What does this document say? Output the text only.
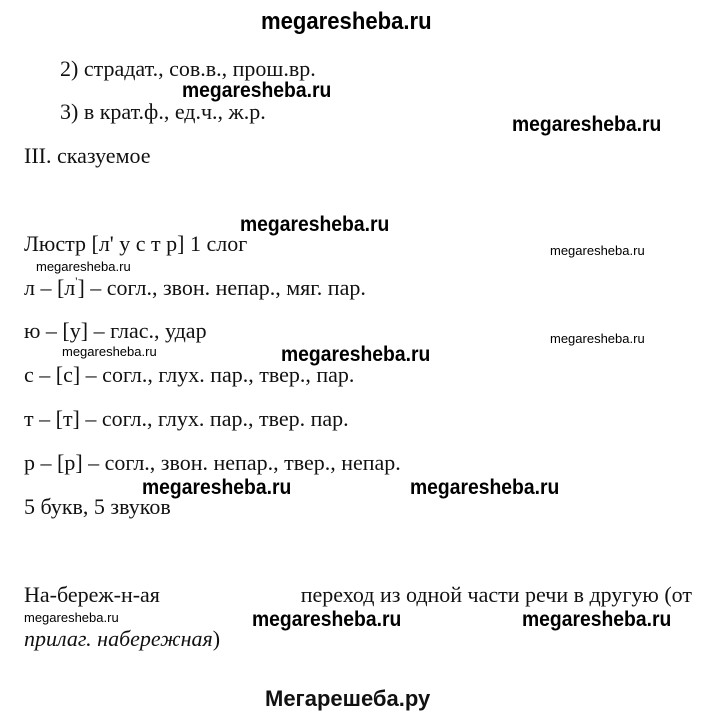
megaresheba.ru
2) страдат., сов.в., прош.вр.
3) в крат.ф., ед.ч., ж.р.
III. сказуемое
Люстр [л' у с т р] 1 слог
л – [л'] – согл., звон. непар., мяг. пар.
ю – [у] – глас., удар
с – [с] – согл., глух. пар., твер., пар.
т – [т] – согл., глух. пар., твер. пар.
р – [р] – согл., звон. непар., твер., непар.
5 букв, 5 звуков
На-береж-н-ая	переход из одной части речи в другую (от
прилаг. набережная)
megaresheba.ru
megaresheba.ru
megaresheba.ru
megaresheba.ru
megaresheba.ru	megaresheba.ru
megaresheba.ru	megaresheba.ru
megaresheba.ru
megaresheba.ru
megaresheba.ru
megaresheba.ru
megaresheba.ru
Мегарешеба.ру
